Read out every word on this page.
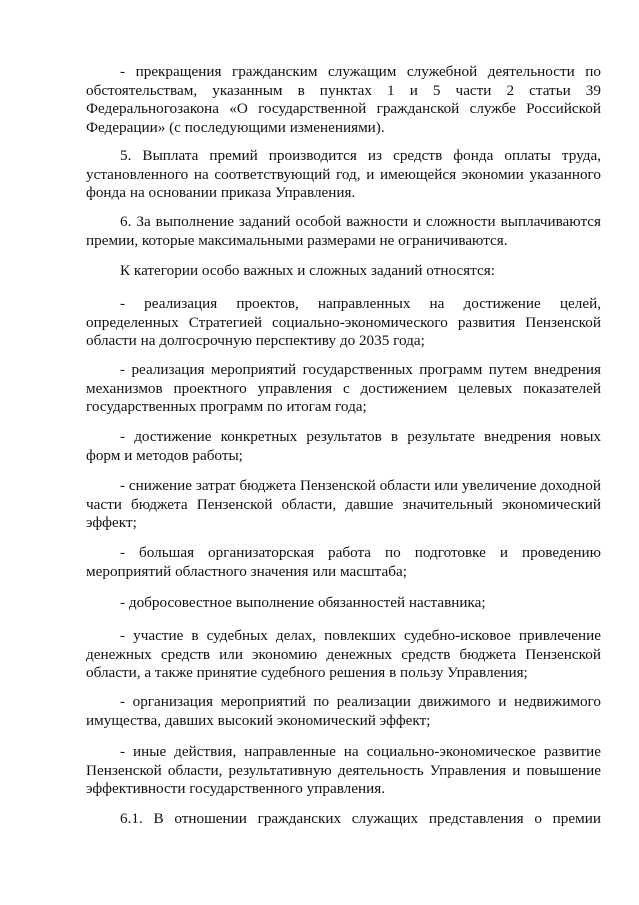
- прекращения гражданским служащим служебной деятельности по обстоятельствам, указанным в пунктах 1 и 5 части 2 статьи 39 Федеральногозакона «О государственной гражданской службе Российской Федерации» (с последующими изменениями).

5. Выплата премий производится из средств фонда оплаты труда, установленного на соответствующий год, и имеющейся экономии указанного фонда на основании приказа Управления.

6. За выполнение заданий особой важности и сложности выплачиваются премии, которые максимальными размерами не ограничиваются.

К категории особо важных и сложных заданий относятся:

- реализация проектов, направленных на достижение целей, определенных Стратегией социально-экономического развития Пензенской области на долгосрочную перспективу до 2035 года;

- реализация мероприятий государственных программ путем внедрения механизмов проектного управления с достижением целевых показателей государственных программ по итогам года;

- достижение конкретных результатов в результате внедрения новых форм и методов работы;

- снижение затрат бюджета Пензенской области или увеличение доходной части бюджета Пензенской области, давшие значительный экономический эффект;

- большая организаторская работа по подготовке и проведению мероприятий областного значения или масштаба;

- добросовестное выполнение обязанностей наставника;

- участие в судебных делах, повлекших судебно-исковое привлечение денежных средств или экономию денежных средств бюджета Пензенской области, а также принятие судебного решения в пользу Управления;

- организация мероприятий по реализации движимого и недвижимого имущества, давших высокий экономический эффект;

- иные действия, направленные на социально-экономическое развитие Пензенской области, результативную деятельность Управления и повышение эффективности государственного управления.

6.1. В отношении гражданских служащих представления о премии
